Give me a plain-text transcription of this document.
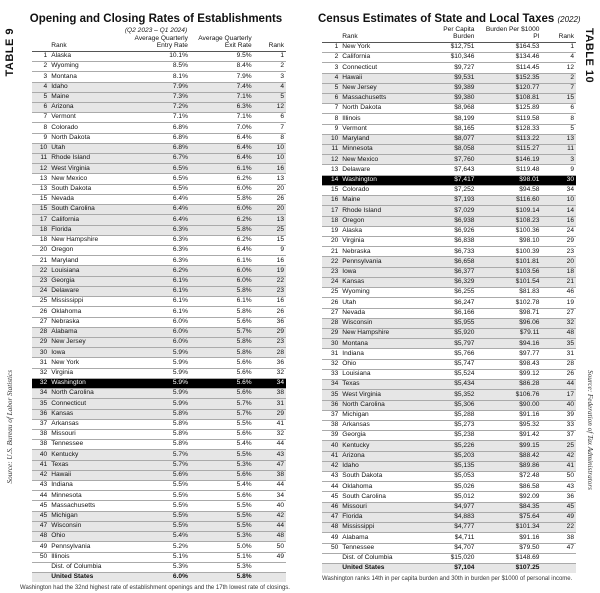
TABLE 9
Source: U.S. Bureau of Labor Statistics
Opening and Closing Rates of Establishments
(Q2 2023 – Q1 2024)
	Rank	Average Quarterly Entry Rate	Average Quarterly Exit Rate	Rank
1	Alaska	10.1%	9.5%	1
2	Wyoming	8.5%	8.4%	2
3	Montana	8.1%	7.9%	3
4	Idaho	7.9%	7.4%	4
5	Maine	7.3%	7.1%	5
6	Arizona	7.2%	6.3%	12
7	Vermont	7.1%	7.1%	6
8	Colorado	6.8%	7.0%	7
9	North Dakota	6.8%	6.4%	8
10	Utah	6.8%	6.4%	10
11	Rhode Island	6.7%	6.4%	10
12	West Virginia	6.5%	6.1%	16
13	New Mexico	6.5%	6.2%	13
13	South Dakota	6.5%	6.0%	20
15	Nevada	6.4%	5.8%	26
15	South Carolina	6.4%	6.0%	20
17	California	6.4%	6.2%	13
18	Florida	6.3%	5.8%	25
18	New Hampshire	6.3%	6.2%	15
20	Oregon	6.3%	6.4%	9
21	Maryland	6.3%	6.1%	16
22	Louisiana	6.2%	6.0%	19
23	Georgia	6.1%	6.0%	22
24	Delaware	6.1%	5.8%	23
25	Mississippi	6.1%	6.1%	16
26	Oklahoma	6.1%	5.8%	26
27	Nebraska	6.0%	5.6%	36
28	Alabama	6.0%	5.7%	29
29	New Jersey	6.0%	5.8%	23
30	Iowa	5.9%	5.8%	28
31	New York	5.9%	5.6%	36
32	Virginia	5.9%	5.6%	32
32	Washington	5.9%	5.6%	34
34	North Carolina	5.9%	5.6%	38
35	Connecticut	5.9%	5.7%	31
36	Kansas	5.8%	5.7%	29
37	Arkansas	5.8%	5.5%	41
38	Missouri	5.8%	5.6%	32
38	Tennessee	5.8%	5.4%	44
40	Kentucky	5.7%	5.5%	43
41	Texas	5.7%	5.3%	47
42	Hawaii	5.6%	5.6%	38
43	Indiana	5.5%	5.4%	44
44	Minnesota	5.5%	5.6%	34
45	Massachusetts	5.5%	5.5%	40
45	Michigan	5.5%	5.5%	42
47	Wisconsin	5.5%	5.5%	44
48	Ohio	5.4%	5.3%	48
49	Pennsylvania	5.2%	5.0%	50
50	Illinois	5.1%	5.1%	49
	Dist. of Columbia	5.3%	5.3%	
	United States	6.0%	5.8%	
Washington had the 32nd highest rate of establishment openings and the 17th lowest rate of closings.
Census Estimates of State and Local Taxes (2022)
	Rank	Per Capita Burden	Burden Per $1000 PI	Rank
1	New York	$12,751	$164.53	1
2	California	$10,346	$134.46	4
3	Connecticut	$9,727	$114.45	12
4	Hawaii	$9,531	$152.35	2
5	New Jersey	$9,389	$120.77	7
6	Massachusetts	$9,380	$108.81	15
7	North Dakota	$8,968	$125.89	6
8	Illinois	$8,199	$119.58	8
9	Vermont	$8,165	$128.33	5
10	Maryland	$8,077	$113.22	13
11	Minnesota	$8,058	$115.27	11
12	New Mexico	$7,760	$146.19	3
13	Delaware	$7,643	$119.48	9
14	Washington	$7,417	$98.01	30
15	Colorado	$7,252	$94.58	34
16	Maine	$7,193	$116.60	10
17	Rhode Island	$7,029	$109.14	14
18	Oregon	$6,938	$108.23	16
19	Alaska	$6,926	$100.36	24
20	Virginia	$6,838	$98.10	29
21	Nebraska	$6,733	$100.39	23
22	Pennsylvania	$6,658	$101.81	20
23	Iowa	$6,377	$103.56	18
24	Kansas	$6,329	$101.54	21
25	Wyoming	$6,255	$81.83	46
26	Utah	$6,247	$102.78	19
27	Nevada	$6,166	$98.71	27
28	Wisconsin	$5,955	$96.06	32
29	New Hampshire	$5,920	$79.11	48
30	Montana	$5,797	$94.16	35
31	Indiana	$5,766	$97.77	31
32	Ohio	$5,747	$98.43	28
33	Louisiana	$5,524	$99.12	26
34	Texas	$5,434	$86.28	44
35	West Virginia	$5,352	$106.76	17
36	North Carolina	$5,306	$90.00	40
37	Michigan	$5,288	$91.16	39
38	Arkansas	$5,273	$95.32	33
39	Georgia	$5,238	$91.42	37
40	Kentucky	$5,226	$99.15	25
41	Arizona	$5,203	$88.42	42
42	Idaho	$5,135	$89.86	41
43	South Dakota	$5,053	$72.48	50
44	Oklahoma	$5,026	$86.58	43
45	South Carolina	$5,012	$92.09	36
46	Missouri	$4,977	$84.35	45
47	Florida	$4,883	$75.64	49
48	Mississippi	$4,777	$101.34	22
49	Alabama	$4,711	$91.16	38
50	Tennessee	$4,707	$79.50	47
	Dist. of Columbia	$15,020	$148.69	
	United States	$7,104	$107.25	
Washington ranks 14th in per capita burden and 30th in burden per $1000 of personal income.
TABLE 10
Source: Federation of Tax Administrators
